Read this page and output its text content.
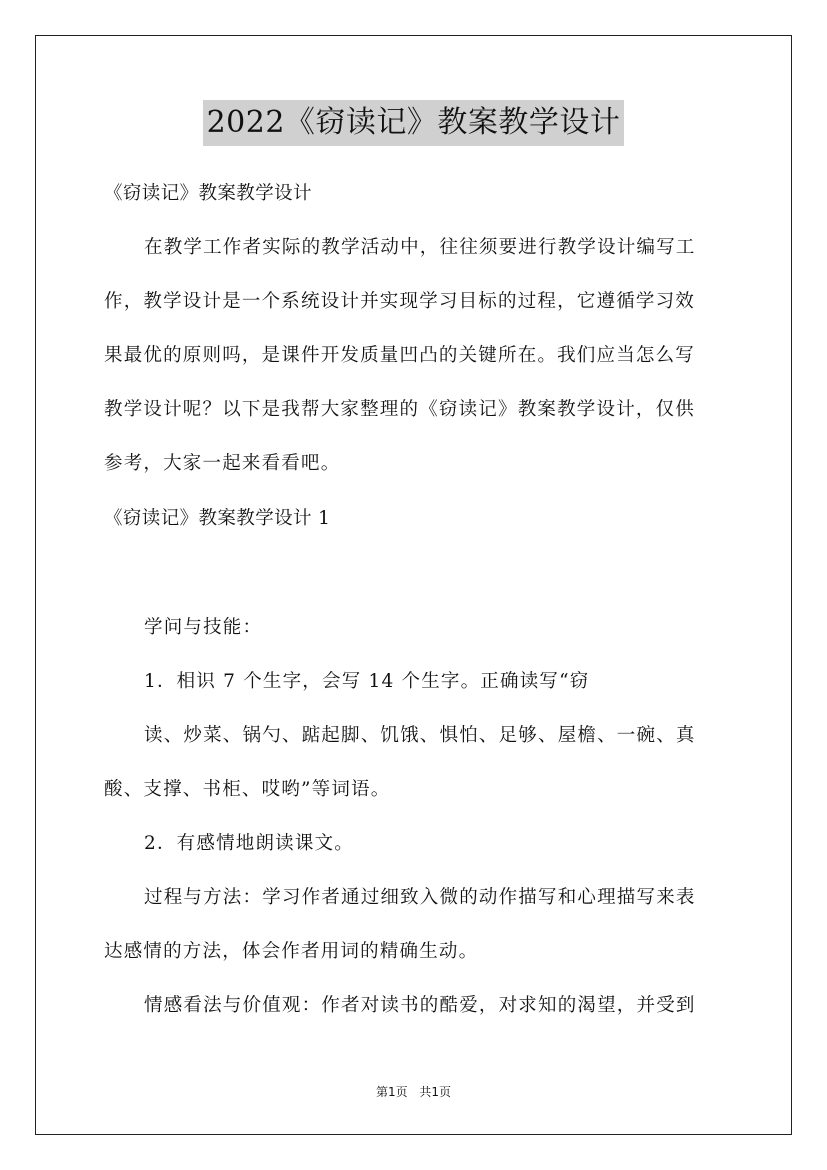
2022《窃读记》教案教学设计
《窃读记》教案教学设计
在教学工作者实际的教学活动中，往往须要进行教学设计编写工
作，教学设计是一个系统设计并实现学习目标的过程，它遵循学习效
果最优的原则吗，是课件开发质量凹凸的关键所在。我们应当怎么写
教学设计呢？以下是我帮大家整理的《窃读记》教案教学设计，仅供
参考，大家一起来看看吧。
《窃读记》教案教学设计 1
学问与技能：
1．相识 7 个生字，会写 14 个生字。正确读写“窃
读、炒菜、锅勺、踮起脚、饥饿、惧怕、足够、屋檐、一碗、真
酸、支撑、书柜、哎哟”等词语。
2．有感情地朗读课文。
过程与方法：学习作者通过细致入微的动作描写和心理描写来表
达感情的方法，体会作者用词的精确生动。
情感看法与价值观：作者对读书的酷爱，对求知的渴望，并受到
第1页 共1页
